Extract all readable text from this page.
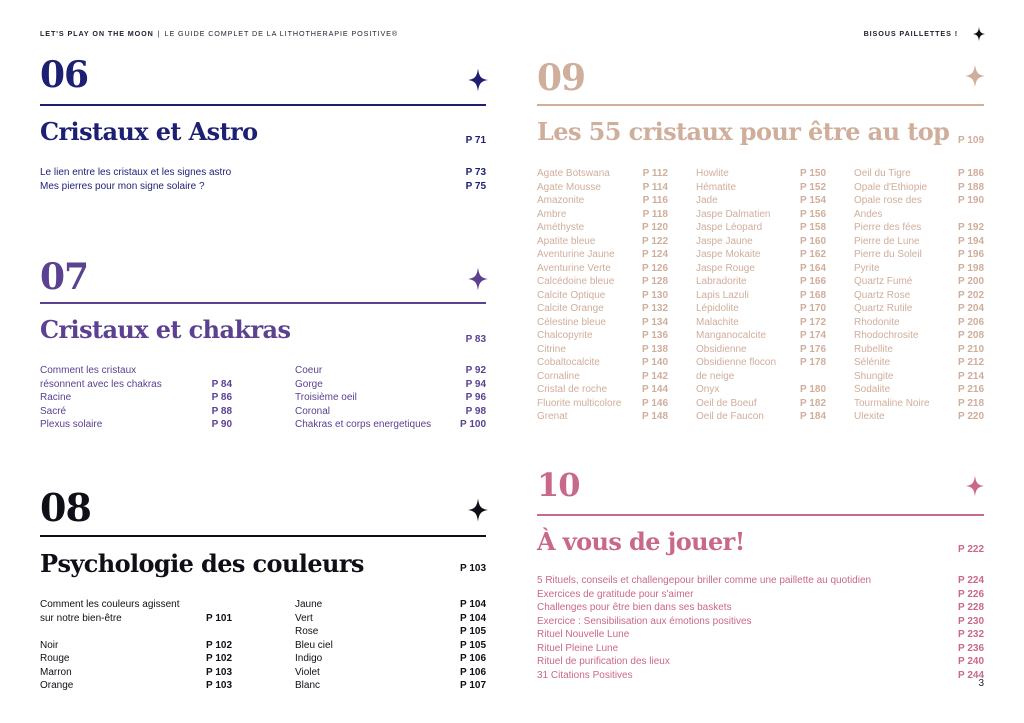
LET'S PLAY ON THE MOON | LE GUIDE COMPLET DE LA LITHOTHERAPIE POSITIVE®	BISOUS PAILLETTES !
06
Cristaux et Astro	P 71
Le lien entre les cristaux et les signes astro	P 73
Mes pierres pour mon signe solaire ?	P 75
07
Cristaux et chakras	P 83
Comment les cristaux
résonnent avec les chakras	P 84
Racine	P 86
Sacré	P 88
Plexus solaire	P 90
Coeur	P 92
Gorge	P 94
Troisième oeil	P 96
Coronal	P 98
Chakras et corps energetiques	P 100
08
Psychologie des couleurs	P 103
Comment les couleurs agissent
sur notre bien-être	P 101
Noir	P 102
Rouge	P 102
Marron	P 103
Orange	P 103
Jaune	P 104
Vert	P 104
Rose	P 105
Bleu ciel	P 105
Indigo	P 106
Violet	P 106
Blanc	P 107
09
Les 55 cristaux pour être au top P 109
Agate Botswana	P 112
Agate Mousse	P 114
Amazonite	P 116
Ambre	P 118
Améthyste	P 120
Apatite bleue	P 122
Aventurine Jaune	P 124
Aventurine Verte	P 126
Calcédoine bleue	P 128
Calcite Optique	P 130
Calcite Orange	P 132
Célestine bleue	P 134
Chalcopyrite	P 136
Citrine	P 138
Cobaltocalcite	P 140
Cornaline	P 142
Cristal de roche	P 144
Fluorite multicolore	P 146
Grenat	P 148
Howlite	P 150
Hématite	P 152
Jade	P 154
Jaspe Dalmatien	P 156
Jaspe Léopard	P 158
Jaspe Jaune	P 160
Jaspe Mokaite	P 162
Jaspe Rouge	P 164
Labradorite	P 166
Lapis Lazuli	P 168
Lépidolite	P 170
Malachite	P 172
Manganocalcite	P 174
Obsidienne	P 176
Obsidienne flocon	P 178
de neige
Onyx	P 180
Oeil de Boeuf	P 182
Oeil de Faucon	P 184
Oeil du Tigre	P 186
Opale d'Ethiopie	P 188
Opale rose des	P 190
Andes
Pierre des fées	P 192
Pierre de Lune	P 194
Pierre du Soleil	P 196
Pyrite	P 198
Quartz Fumé	P 200
Quartz Rose	P 202
Quartz Rutile	P 204
Rhodonite	P 206
Rhodochrosite	P 208
Rubellite	P 210
Sélénite	P 212
Shungite	P 214
Sodalite	P 216
Tourmaline Noire	P 218
Ulexite	P 220
10
À vous de jouer!	P 222
5 Rituels, conseils et challengepour briller comme une paillette au quotidien	P 224
Exercices de gratitude pour s'aimer	P 226
Challenges pour être bien dans ses baskets	P 228
Exercice : Sensibilisation aux émotions positives	P 230
Rituel Nouvelle Lune	P 232
Rituel Pleine Lune	P 236
Rituel de purification des lieux	P 240
31 Citations Positives	P 244
3
